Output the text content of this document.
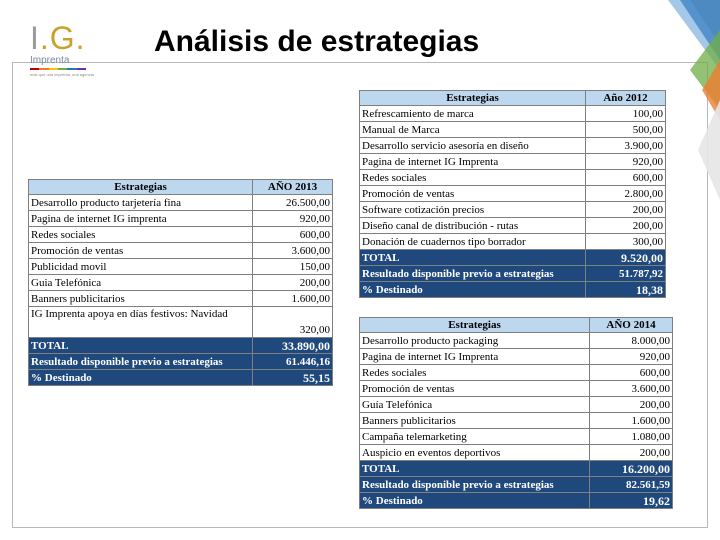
I.G.
Imprenta
más que una imprenta, una agencia
Análisis de estrategias
Estrategias	Año 2012
Refrescamiento de marca	100,00
Manual de Marca	500,00
Desarrollo servicio asesoría en diseño	3.900,00
Pagina de internet IG Imprenta	920,00
Redes sociales	600,00
Promoción de ventas	2.800,00
Software cotización precios	200,00
Diseño canal de distribución - rutas	200,00
Donación de cuadernos tipo borrador	300,00
TOTAL	9.520,00
Resultado disponible previo a estrategias	51.787,92
% Destinado	18,38
Estrategias	AÑO 2013
Desarrollo producto tarjetería fina	26.500,00
Pagina de internet IG imprenta	920,00
Redes sociales	600,00
Promoción de ventas	3.600,00
Publicidad movil	150,00
Guia Telefónica	200,00
Banners publicitarios	1.600,00
IG Imprenta apoya en días festivos: Navidad	320,00
TOTAL	33.890,00
Resultado disponible previo a estrategias	61.446,16
% Destinado	55,15
Estrategias	AÑO 2014
Desarrollo producto packaging	8.000,00
Pagina de internet IG Imprenta	920,00
Redes sociales	600,00
Promoción de ventas	3.600,00
Guía Telefónica	200,00
Banners publicitarios	1.600,00
Campaña telemarketing	1.080,00
Auspicio en eventos deportivos	200,00
TOTAL	16.200,00
Resultado disponible previo a estrategias	82.561,59
% Destinado	19,62
